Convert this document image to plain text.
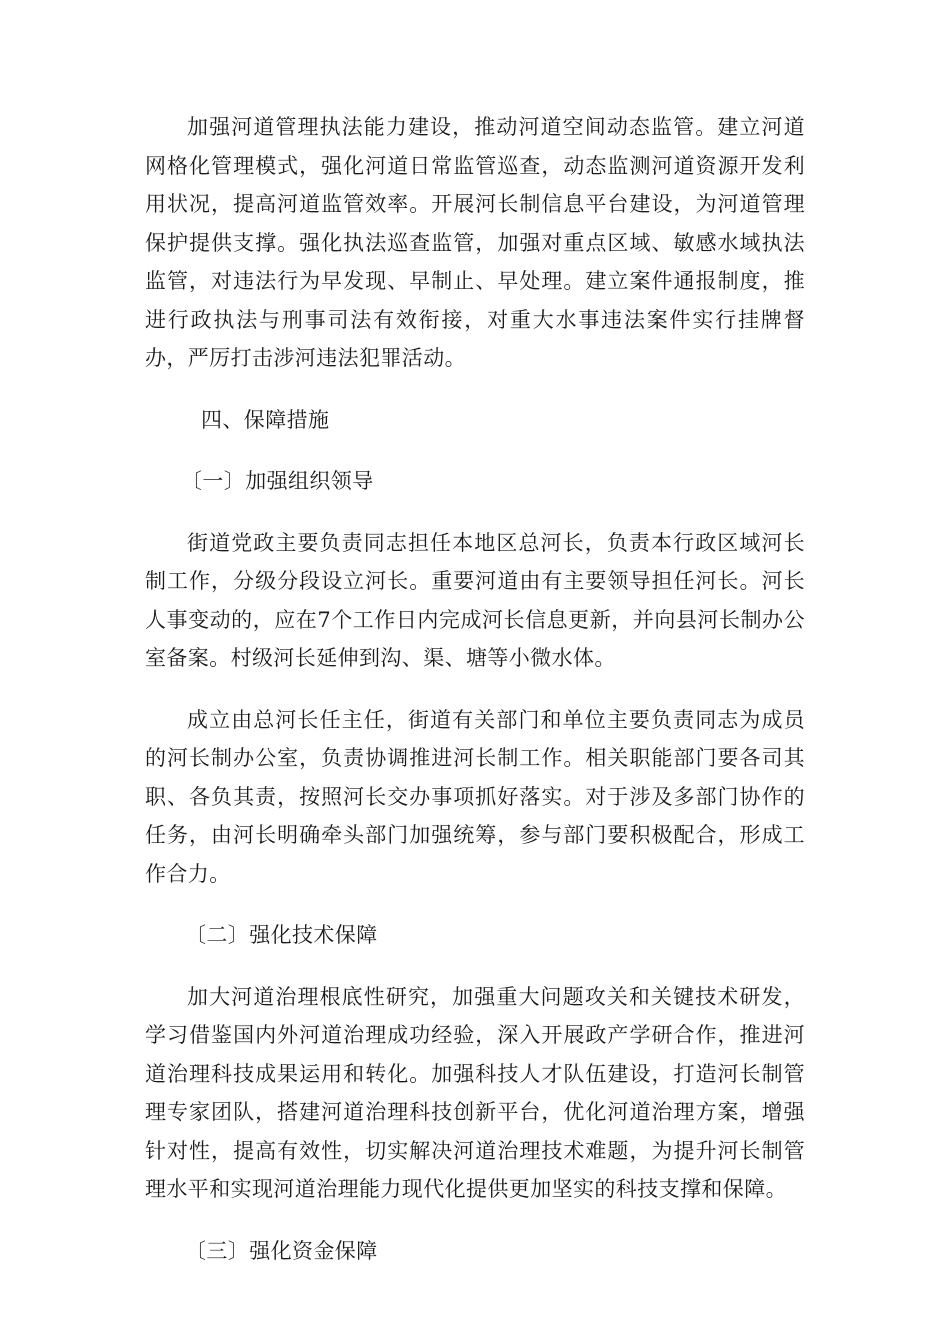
加强河道管理执法能力建设，推动河道空间动态监管。建立河道网格化管理模式，强化河道日常监管巡查，动态监测河道资源开发利用状况，提高河道监管效率。开展河长制信息平台建设，为河道管理保护提供支撑。强化执法巡查监管，加强对重点区域、敏感水域执法监管，对违法行为早发现、早制止、早处理。建立案件通报制度，推进行政执法与刑事司法有效衔接，对重大水事违法案件实行挂牌督办，严厉打击涉河违法犯罪活动。

四、保障措施

〔一〕加强组织领导

街道党政主要负责同志担任本地区总河长，负责本行政区域河长制工作，分级分段设立河长。重要河道由有主要领导担任河长。河长人事变动的，应在7个工作日内完成河长信息更新，并向县河长制办公室备案。村级河长延伸到沟、渠、塘等小微水体。

成立由总河长任主任，街道有关部门和单位主要负责同志为成员的河长制办公室，负责协调推进河长制工作。相关职能部门要各司其职、各负其责，按照河长交办事项抓好落实。对于涉及多部门协作的任务，由河长明确牵头部门加强统筹，参与部门要积极配合，形成工作合力。

〔二〕强化技术保障

加大河道治理根底性研究，加强重大问题攻关和关键技术研发，学习借鉴国内外河道治理成功经验，深入开展政产学研合作，推进河道治理科技成果运用和转化。加强科技人才队伍建设，打造河长制管理专家团队，搭建河道治理科技创新平台，优化河道治理方案，增强针对性，提高有效性，切实解决河道治理技术难题，为提升河长制管理水平和实现河道治理能力现代化提供更加坚实的科技支撑和保障。

〔三〕强化资金保障
